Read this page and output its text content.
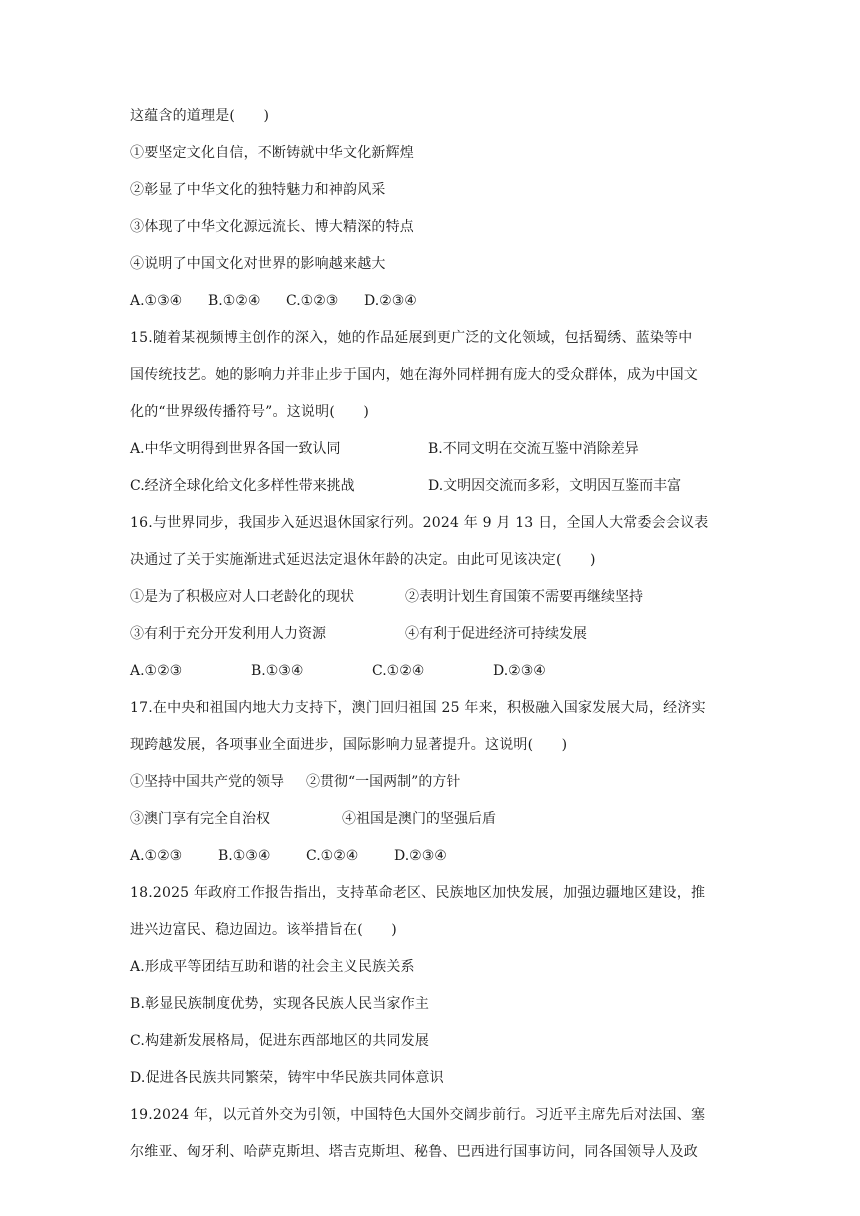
这蕴含的道理是(　　)
①要坚定文化自信，不断铸就中华文化新辉煌
②彰显了中华文化的独特魅力和神韵风采
③体现了中华文化源远流长、博大精深的特点
④说明了中国文化对世界的影响越来越大
A.①③④	B.①②④	C.①②③	D.②③④
15.随着某视频博主创作的深入，她的作品延展到更广泛的文化领域，包括蜀绣、蓝染等中
国传统技艺。她的影响力并非止步于国内，她在海外同样拥有庞大的受众群体，成为中国文
化的“世界级传播符号”。这说明(　　)
A.中华文明得到世界各国一致认同	B.不同文明在交流互鉴中消除差异
C.经济全球化给文化多样性带来挑战	D.文明因交流而多彩，文明因互鉴而丰富
16.与世界同步，我国步入延迟退休国家行列。2024 年 9 月 13 日，全国人大常委会会议表
决通过了关于实施渐进式延迟法定退休年龄的决定。由此可见该决定(　　)
①是为了积极应对人口老龄化的现状	②表明计划生育国策不需要再继续坚持
③有利于充分开发利用人力资源	④有利于促进经济可持续发展
A.①②③	B.①③④	C.①②④	D.②③④
17.在中央和祖国内地大力支持下，澳门回归祖国 25 年来，积极融入国家发展大局，经济实
现跨越发展，各项事业全面进步，国际影响力显著提升。这说明(　　)
①坚持中国共产党的领导	②贯彻“一国两制”的方针
③澳门享有完全自治权	④祖国是澳门的坚强后盾
A.①②③	B.①③④	C.①②④	D.②③④
18.2025 年政府工作报告指出，支持革命老区、民族地区加快发展，加强边疆地区建设，推
进兴边富民、稳边固边。该举措旨在(　　)
A.形成平等团结互助和谐的社会主义民族关系
B.彰显民族制度优势，实现各民族人民当家作主
C.构建新发展格局，促进东西部地区的共同发展
D.促进各民族共同繁荣，铸牢中华民族共同体意识
19.2024 年，以元首外交为引领，中国特色大国外交阔步前行。习近平主席先后对法国、塞
尔维亚、匈牙利、哈萨克斯坦、塔吉克斯坦、秘鲁、巴西进行国事访问，同各国领导人及政
